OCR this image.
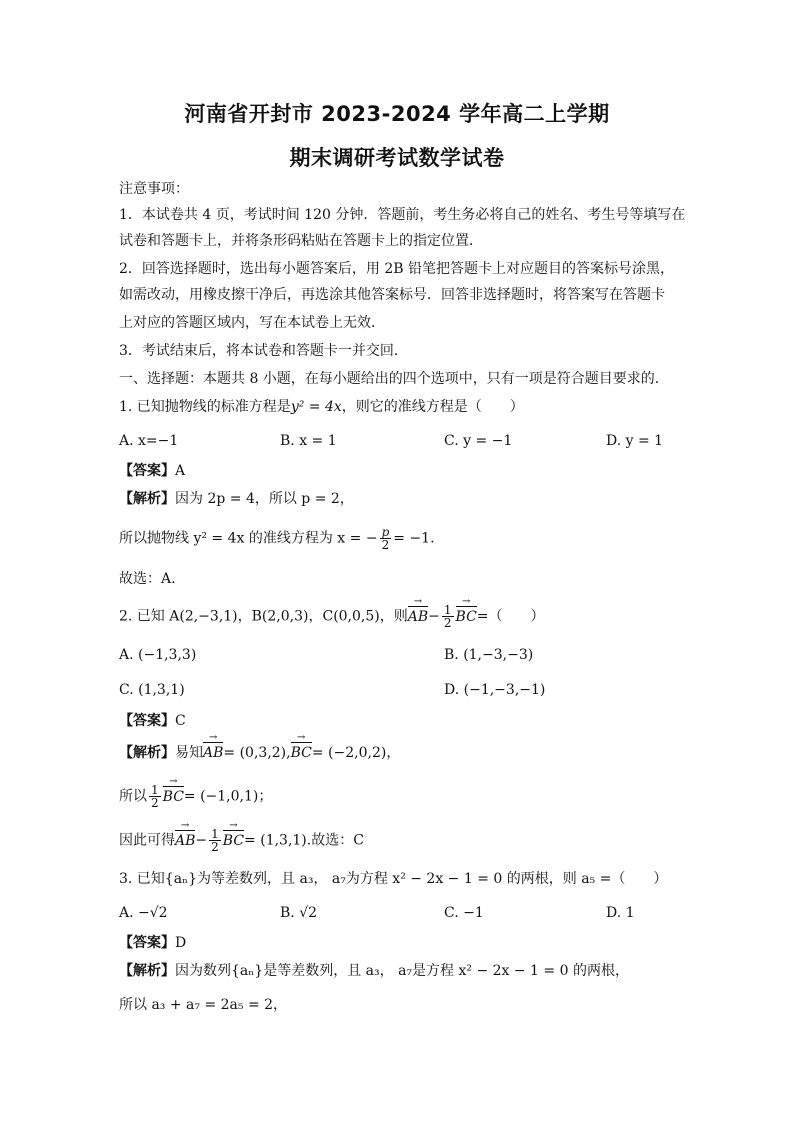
河南省开封市 2023-2024 学年高二上学期
期末调研考试数学试卷
注意事项：
1．本试卷共 4 页，考试时间 120 分钟．答题前，考生务必将自己的姓名、考生号等填写在
试卷和答题卡上，并将条形码粘贴在答题卡上的指定位置．
2．回答选择题时，选出每小题答案后，用 2B 铅笔把答题卡上对应题目的答案标号涂黑，
如需改动，用橡皮擦干净后，再选涂其他答案标号．回答非选择题时，将答案写在答题卡
上对应的答题区域内，写在本试卷上无效．
3．考试结束后，将本试卷和答题卡一并交回．
一、选择题：本题共 8 小题，在每小题给出的四个选项中，只有一项是符合题目要求的．
1. 已知抛物线的标准方程是y² = 4x，则它的准线方程是（　　）
A. x=−1	B. x = 1	C. y = −1	D. y = 1
【答案】A
【解析】因为 2p = 4，所以 p = 2，
所以抛物线 y² = 4x 的准线方程为 x = − $\frac{p}{2} = -1$.
故选：A.
2. 已知 A(2,−3,1)，B(2,0,3)，C(0,0,5)，则AB →− $\frac{1}{2}$ BC →=（　　）
A. (−1,3,3)	B. (1,−3,−3)
C. (1,3,1)	D. (−1,−3,−1)
【答案】C
【解析】易知AB →= (0,3,2),BC →= (−2,0,2)，
所以 $\frac{1}{2}$ BC →= (−1,0,1)；
因此可得AB →− $\frac{1}{2}$ BC →= (1,3,1).故选：C
3. 已知{aₙ}为等差数列，且 a₃， a₇为方程 x² − 2x − 1 = 0 的两根，则 a₅ =（　　）
A. −√2	B. √2	C. −1	D. 1
【答案】D
【解析】因为数列{aₙ}是等差数列，且 a₃， a₇是方程 x² − 2x − 1 = 0 的两根，
所以 a₃ + a₇ = 2a₅ = 2，
